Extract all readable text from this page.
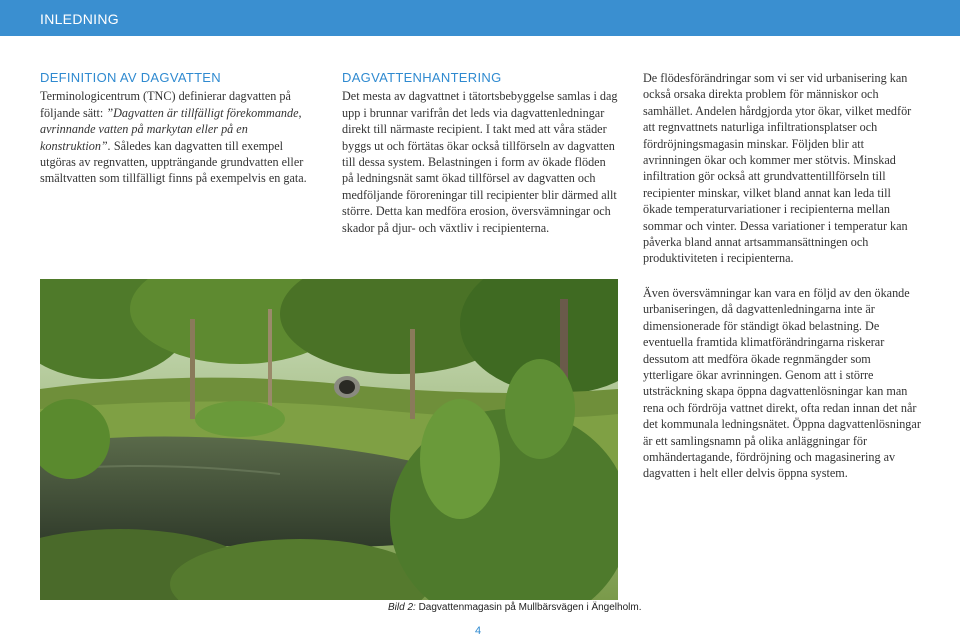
INLEDNING
DEFINITION AV DAGVATTEN

Terminologicentrum (TNC) definierar dagvatten på följande sätt: ”Dagvatten är tillfälligt förekommande, avrinnande vatten på markytan eller på en konstruktion”. Således kan dagvatten till exempel utgöras av regnvatten, uppträngande grundvatten eller smältvatten som tillfälligt finns på exempelvis en gata.

DAGVATTENHANTERING

Det mesta av dagvattnet i tätortsbebyggelse samlas i dag upp i brunnar varifrån det leds via dagvattenledningar direkt till närmaste recipient. I takt med att våra städer byggs ut och förtätas ökar också tillförseln av dagvatten till dessa system. Belastningen i form av ökade flöden på ledningsnät samt ökad tillförsel av dagvatten och medföljande föroreningar till recipienter blir därmed allt större. Detta kan medföra erosion, översvämningar och skador på djur- och växtliv i recipienterna.

De flödesförändringar som vi ser vid urbanisering kan också orsaka direkta problem för människor och samhället. Andelen hårdgjorda ytor ökar, vilket medför att regnvattnets naturliga infiltrationsplatser och fördröjningsmagasin minskar. Följden blir att avrinningen ökar och kommer mer stötvis. Minskad infiltration gör också att grundvattentillförseln till recipienter minskar, vilket bland annat kan leda till ökade temperaturvariationer i recipienterna mellan sommar och vinter. Dessa variationer i temperatur kan påverka bland annat artsammansättningen och produktiviteten i recipienterna.

Även översvämningar kan vara en följd av den ökande urbaniseringen, då dagvattenledningarna inte är dimensionerade för ständigt ökad belastning. De eventuella framtida klimatförändringarna riskerar dessutom att medföra ökade regnmängder som ytterligare ökar avrinningen. Genom att i större utsträckning skapa öppna dagvattenlösningar kan man rena och fördröja vattnet direkt, ofta redan innan det når det kommunala ledningsnätet. Öppna dagvattenlösningar är ett samlingsnamn på olika anläggningar för omhändertagande, fördröjning och magasinering av dagvatten i helt eller delvis öppna system.

Bild 2: Dagvattenmagasin på Mullbärsvägen i Ängelholm.
4
